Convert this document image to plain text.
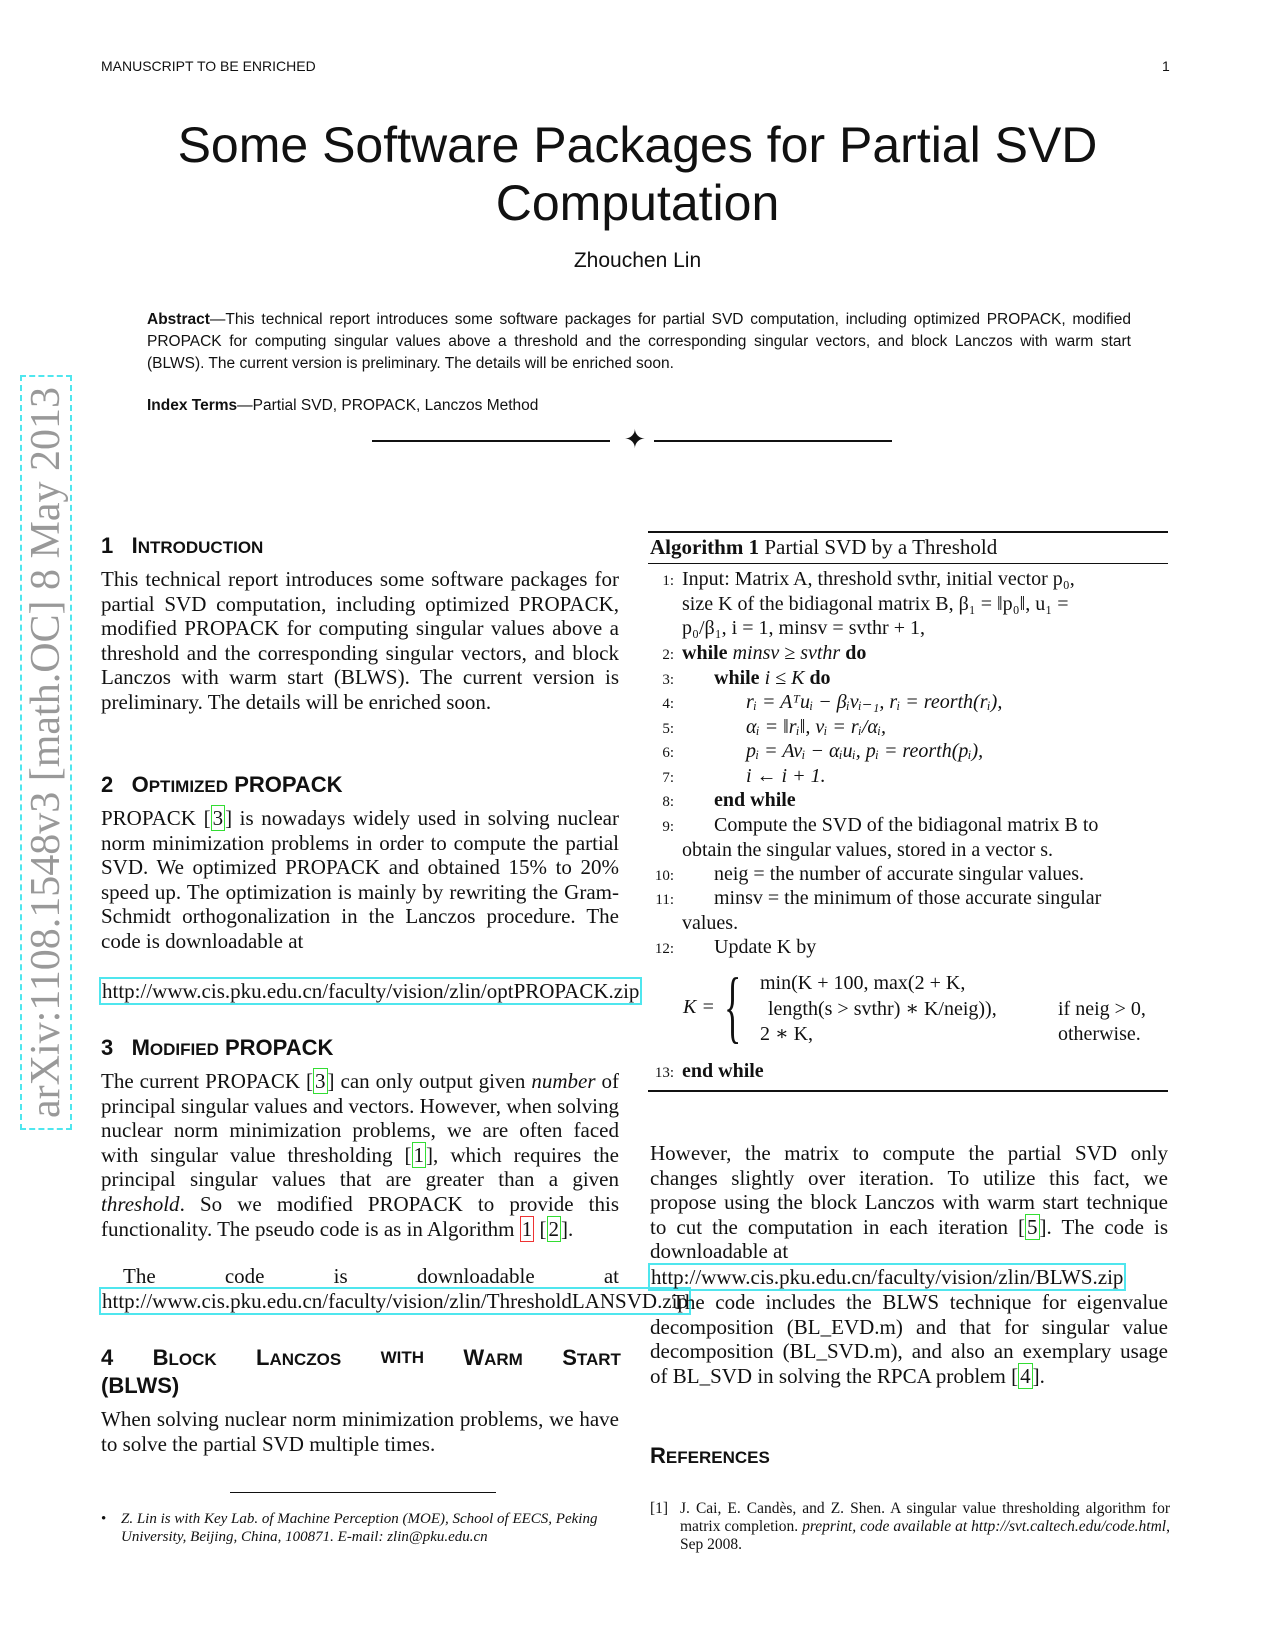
MANUSCRIPT TO BE ENRICHED	1
Some Software Packages for Partial SVD
Computation
Zhouchen Lin
Abstract—This technical report introduces some software packages for partial SVD computation, including optimized PROPACK, modified PROPACK for computing singular values above a threshold and the corresponding singular vectors, and block Lanczos with warm start (BLWS). The current version is preliminary. The details will be enriched soon.
Index Terms—Partial SVD, PROPACK, Lanczos Method
✦
arXiv:1108.1548v3 [math.OC] 8 May 2013 1 INTRODUCTION
This technical report introduces some software packages for partial SVD computation, including optimized PROPACK, modified PROPACK for computing singular values above a threshold and the corresponding singular vectors, and block Lanczos with warm start (BLWS). The current version is preliminary. The details will be enriched soon.
2 OPTIMIZED PROPACK
PROPACK [3] is nowadays widely used in solving nuclear norm minimization problems in order to compute the partial SVD. We optimized PROPACK and obtained 15% to 20% speed up. The optimization is mainly by rewriting the Gram-Schmidt orthogonalization in the Lanczos procedure. The code is downloadable at
http://www.cis.pku.edu.cn/faculty/vision/zlin/optPROPACK.zip
3 MODIFIED PROPACK
The current PROPACK [3] can only output given number of principal singular values and vectors. However, when solving nuclear norm minimization problems, we are often faced with singular value thresholding [1], which requires the principal singular values that are greater than a given threshold. So we modified PROPACK to provide this functionality. The pseudo code is as in Algorithm 1 [2].
The code is downloadable at
http://www.cis.pku.edu.cn/faculty/vision/zlin/ThresholdLANSVD.zip
4 BLOCK LANCZOS WITH WARM START
(BLWS)
When solving nuclear norm minimization problems, we have to solve the partial SVD multiple times.
• Z. Lin is with Key Lab. of Machine Perception (MOE), School of EECS, Peking University, Beijing, China, 100871. E-mail: zlin@pku.edu.cn
Algorithm 1 Partial SVD by a Threshold
1: Input: Matrix A, threshold svthr, initial vector p₀,
size K of the bidiagonal matrix B, β₁ = ‖p₀‖, u₁ =
p₀/β₁, i = 1, minsv = svthr + 1,
2: while minsv ≥ svthr do
3: while i ≤ K do
4:	rᵢ = Aᵀuᵢ − βᵢvᵢ₋₁, rᵢ = reorth(rᵢ),
5:	αᵢ = ‖rᵢ‖, vᵢ = rᵢ/αᵢ,
6:	pᵢ = Avᵢ − αᵢuᵢ, pᵢ = reorth(pᵢ),
7:	i ← i + 1.
8: end while
9:	Compute the SVD of the bidiagonal matrix B to
obtain the singular values, stored in a vector s.
10: neig = the number of accurate singular values.
11:	minsv = the minimum of those accurate singular
values.
12: Update K by
K = { min(K + 100, max(2 + K,
length(s > svthr) ∗ K/neig)),	if neig > 0,
2 ∗ K,	otherwise.
13: end while
However, the matrix to compute the partial SVD only changes slightly over iteration. To utilize this fact, we propose using the block Lanczos with warm start technique to cut the computation in each iteration [5]. The code is downloadable at
http://www.cis.pku.edu.cn/faculty/vision/zlin/BLWS.zip
The code includes the BLWS technique for eigenvalue decomposition (BL_EVD.m) and that for singular value decomposition (BL_SVD.m), and also an exemplary usage of BL_SVD in solving the RPCA problem [4].
REFERENCES
[1] J. Cai, E. Candès, and Z. Shen. A singular value thresholding algorithm for matrix completion. preprint, code available at http://svt.caltech.edu/code.html, Sep 2008.
